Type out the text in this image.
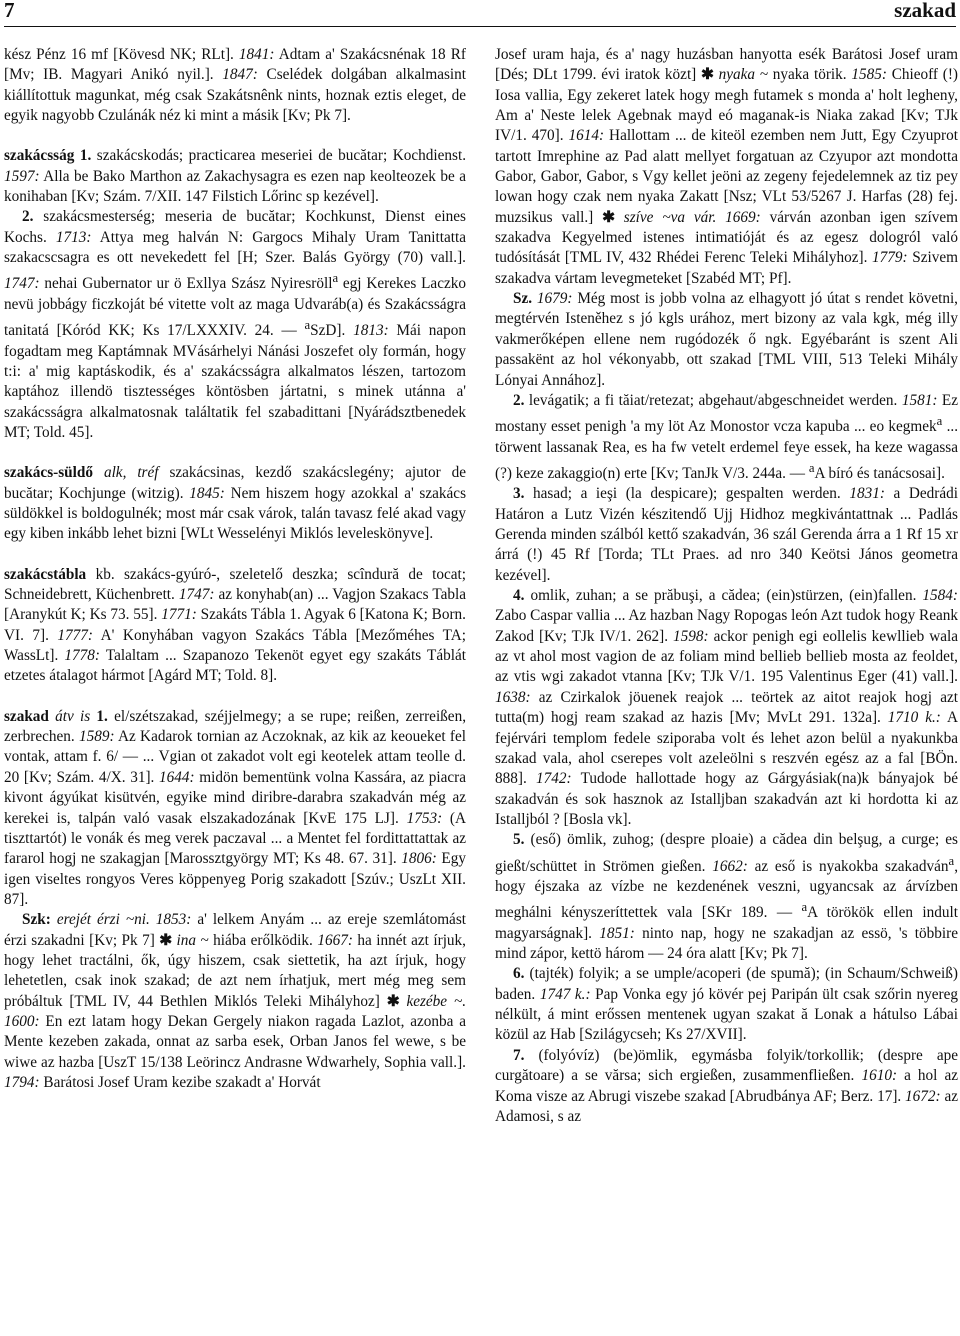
7	szakad

kész Pénz 16 mf [Kövesd NK; RLt]. 1841: Adtam a' Szakácsnénak 18 Rf [Mv; IB. Magyari Anikó nyil.]. 1847: Cselédek dolgában alkalmasint kiállítottuk magunkat, még csak Szakátsnênk nints, hoznak eztis eleget, de egyik nagyobb Czulánák néz ki mint a másik [Kv; Pk 7].

szakácsság 1. szakácskodás; practicarea meseriei de bucătar; Kochdienst. 1597: Alla be Bako Marthon az Zakachysagra es ezen nap keolteozek be a konihaban [Kv; Szám. 7/XII. 147 Filstich Lőrinc sp kezével].

2. szakácsmesterség; meseria de bucătar; Kochkunst, Dienst eines Kochs. 1713: Attya meg halván N: Gargocs Mihaly Uram Tanittatta szakacscsagra es ott nevekedett fel [H; Szer. Balás György (70) vall.]. 1747: nehai Gubernator ur ö Exllya Szász Nyiresröll$^a$ egj Kerekes Laczko nevü jobbágy ficzkoját bé vitette volt az maga Udvaráb(a) és Szakácsságra tanitatá [Kóród KK; Ks 17/LXXXIV. 24. — $^a$SzD]. 1813: Mái napon fogadtam meg Kaptámnak MVásárhelyi Nánási Joszefet oly formán, hogy t:i: a' mig kaptáskodik, és a' szakácsságra alkalmatos lészen, tartozom kaptához illendö tisztességes köntösben jártatni, s minek utánna a' szakácsságra alkalmatosnak találtatik fel szabadittani [Nyárádsztbenedek MT; Told. 45].

szakács-süldő alk, tréf szakácsinas, kezdő szakácslegény; ajutor de bucătar; Kochjunge (witzig). 1845: Nem hiszem hogy azokkal a' szakács süldökkel is boldogulnék; most már csak várok, talán tavasz felé akad vagy egy kiben inkább lehet bizni [WLt Wesselényi Miklós leveleskönyve].

szakácstábla kb. szakács-gyúró-, szeletelő deszka; scîndură de tocat; Schneidebrett, Küchenbrett. 1747: az konyhab(an) ... Vagjon Szakacs Tabla [Aranykút K; Ks 73. 55]. 1771: Szakáts Tábla 1. Agyak 6 [Katona K; Born. VI. 7]. 1777: A' Konyhában vagyon Szakács Tábla [Mezőméhes TA; WassLt]. 1778: Talaltam ... Szapanozo Tekenöt egyet egy szakáts Táblát etzetes átalagot hármot [Agárd MT; Told. 8].

szakad átv is 1. el/szétszakad, széjjelmegy; a se rupe; reißen, zerreißen, zerbrechen. 1589: Az Kadarok tornian az Aczoknak, az kik az keoueket fel vontak, attam f. 6/ — ... Vgian ot zakadot volt egi keotelek attam teolle d. 20 [Kv; Szám. 4/X. 31]. 1644: midön bementünk volna Kassára, az piacra kivont ágyúkat kisütvén, egyike mind diribre-darabra szakadván még az kerekei is, talpán való vasak elszakadozának [KvE 175 LJ]. 1753: (A tiszttartót) le vonák és meg verek paczaval ... a Mentet fel fordittattattak az fararol hogj ne szakagjan [Marossztgyörgy MT; Ks 48. 67. 31]. 1806: Egy igen viseltes rongyos Veres köppenyeg Porig szakadott [Szúv.; UszLt XII. 87].

Szk: erejét érzi ~ni. 1853: a' lelkem Anyám ... az ereje szemlátomást érzi szakadni [Kv; Pk 7] ✱ ina ~ hiába erőlködik. 1667: ha innét azt írjuk, hogy lehet tractálni, ők, úgy hiszem, csak siettetik, ha azt írjuk, hogy lehetetlen, csak inok szakad; de azt nem írhatjuk, mert még meg sem próbáltuk [TML IV, 44 Bethlen Miklós Teleki Mihályhoz] ✱ kezébe ~. 1600: En ezt latam hogy Dekan Gergely niakon ragada Lazlot, azonba a Mente kezeben zakada, onnat az sarba esek, Orban Janos fel wewe, s be wiwe az hazba [UszT 15/138 Leörincz Andrasne Wdwarhely, Sophia vall.]. 1794: Barátosi Josef Uram kezibe szakadt a' Horvát

Josef uram haja, és a' nagy huzásban hanyotta esék Barátosi Josef uram [Dés; DLt 1799. évi iratok közt] ✱ nyaka ~ nyaka törik. 1585: Chieoff (!) Iosa vallia, Egy zekeret latek hogy megh futamek s monda a' holt legheny, Am a' Neste lelek Agebnak mayd eó maganak-is Niaka zakad [Kv; TJk IV/1. 470]. 1614: Hallottam ... de kiteöl ezemben nem Jutt, Egy Czyuprot tartott Imrephine az Pad alatt mellyet forgatuan az Czyupor azt mondotta Gabor, Gabor, Gabor, s Vgy kellet jeöni az zegeny fejedelemnek az tiz pey lowan hogy czak nem nyaka Zakatt [Nsz; VLt 53/5267 J. Harfas (28) fej. muzsikus vall.] ✱ szíve ~va vár. 1669: várván azonban igen szívem szakadva Kegyelmed istenes intimatióját és az egesz dologról való tudósítását [TML IV, 432 Rhédei Ferenc Teleki Mihályhoz]. 1779: Szivem szakadva vártam levegmeteket [Szabéd MT; Pf].

Sz. 1679: Még most is jobb volna az elhagyott jó útat s rendet követni, megtérvén Isteněhez s jó kgls urához, mert bizony az vala kgk, még illy vakmerőképen ellene nem rugódozék ő ngk. Egyébaránt is szent Ali passakënt az hol vékonyabb, ott szakad [TML VIII, 513 Teleki Mihály Lónyai Annához].

2. levágatik; a fi tăiat/retezat; abgehaut/abgeschneidet werden. 1581: Ez mostany esset penigh 'a my löt Az Monostor vcza kapuba ... eo kegmek$^a$ ... törwent lassanak Rea, es ha fw vetelt erdemel feye essek, ha keze wagassa (?) keze zakaggio(n) erte [Kv; TanJk V/3. 244a. — $^a$A bíró és tanácsosai].

3. hasad; a ieşi (la despicare); gespalten werden. 1831: a Dedrádi Határon a Lutz Vizén készitendő Ujj Hidhoz megkivántattnak ... Padlás Gerenda minden szálból kettő szakadván, 36 szál Gerenda árra a 1 Rf 15 xr árrá (!) 45 Rf [Torda; TLt Praes. ad nro 340 Keötsi János geometra kezével].

4. omlik, zuhan; a se prăbuşi, a cădea; (ein)stürzen, (ein)fallen. 1584: Zabo Caspar vallia ... Az hazban Nagy Ropogas león Azt tudok hogy Reank Zakod [Kv; TJk IV/1. 262]. 1598: ackor penigh egi eollelis kewllieb wala az vt ahol most vagion de az foliam mind bellieb bellieb mosta az feoldet, az vtis wgi zakadot vtanna [Kv; TJk V/1. 195 Valentinus Eger (41) vall.]. 1638: az Czirkalok jöuenek reajok ... teörtek az aitot reajok hogj azt tutta(m) hogj ream szakad az hazis [Mv; MvLt 291. 132a]. 1710 k.: A fejérvári templom fedele sziporaba volt és lehet azon belül a nyakunkba szakad vala, ahol cserepes volt azeleölni s reszvén egész az a fal [BÖn. 888]. 1742: Tudode hallottade hogy az Gárgyásiak(na)k bányajok bé szakadván és sok hasznok az Istalljban szakadván azt ki hordotta ki az Istalljból ? [Bosla vk].

5. (eső) ömlik, zuhog; (despre ploaie) a cădea din belşug, a curge; es gießt/schüttet in Strömen gießen. 1662: az eső is nyakokba szakadván$^a$, hogy éjszaka az vízbe ne kezdenének veszni, ugyancsak az árvízben meghálni kényszeríttettek vala [SKr 189. — $^a$A törökök ellen indult magyarságnak]. 1851: ninto nap, hogy ne szakadjan az essö, 's többire mind zápor, kettö három — 24 óra alatt [Kv; Pk 7].

6. (tajték) folyik; a se umple/acoperi (de spumă); (in Schaum/Schweiß) baden. 1747 k.: Pap Vonka egy jó kövér pej Paripán ült csak szőrin nyereg nélkült, á mint erőssen mentenek ugyan szakat ă Lonak a hátulso Lábai közül az Hab [Szilágycseh; Ks 27/XVII].

7. (folyóvíz) (be)ömlik, egymásba folyik/torkollik; (despre ape curgătoare) a se vărsa; sich ergießen, zusammenfließen. 1610: a hol az Koma visze az Abrugi viszebe szakad [Abrudbánya AF; Berz. 17]. 1672: az Adamosi, s az
